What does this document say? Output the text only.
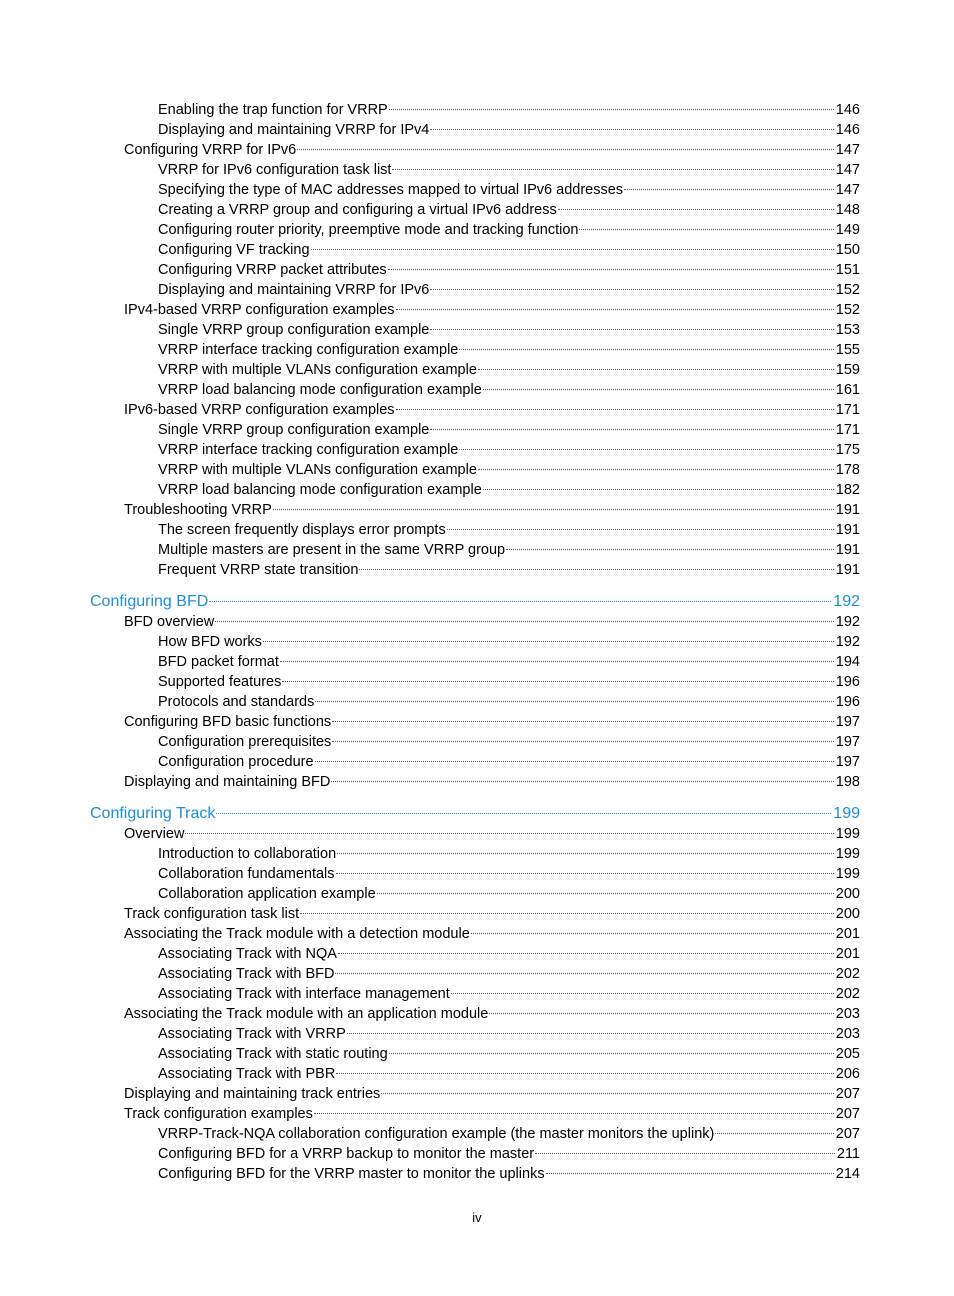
Enabling the trap function for VRRP	146
Displaying and maintaining VRRP for IPv4	146
Configuring VRRP for IPv6	147
VRRP for IPv6 configuration task list	147
Specifying the type of MAC addresses mapped to virtual IPv6 addresses	147
Creating a VRRP group and configuring a virtual IPv6 address	148
Configuring router priority, preemptive mode and tracking function	149
Configuring VF tracking	150
Configuring VRRP packet attributes	151
Displaying and maintaining VRRP for IPv6	152
IPv4-based VRRP configuration examples	152
Single VRRP group configuration example	153
VRRP interface tracking configuration example	155
VRRP with multiple VLANs configuration example	159
VRRP load balancing mode configuration example	161
IPv6-based VRRP configuration examples	171
Single VRRP group configuration example	171
VRRP interface tracking configuration example	175
VRRP with multiple VLANs configuration example	178
VRRP load balancing mode configuration example	182
Troubleshooting VRRP	191
The screen frequently displays error prompts	191
Multiple masters are present in the same VRRP group	191
Frequent VRRP state transition	191
Configuring BFD	192
BFD overview	192
How BFD works	192
BFD packet format	194
Supported features	196
Protocols and standards	196
Configuring BFD basic functions	197
Configuration prerequisites	197
Configuration procedure	197
Displaying and maintaining BFD	198
Configuring Track	199
Overview	199
Introduction to collaboration	199
Collaboration fundamentals	199
Collaboration application example	200
Track configuration task list	200
Associating the Track module with a detection module	201
Associating Track with NQA	201
Associating Track with BFD	202
Associating Track with interface management	202
Associating the Track module with an application module	203
Associating Track with VRRP	203
Associating Track with static routing	205
Associating Track with PBR	206
Displaying and maintaining track entries	207
Track configuration examples	207
VRRP-Track-NQA collaboration configuration example (the master monitors the uplink)	207
Configuring BFD for a VRRP backup to monitor the master	211
Configuring BFD for the VRRP master to monitor the uplinks	214
iv
